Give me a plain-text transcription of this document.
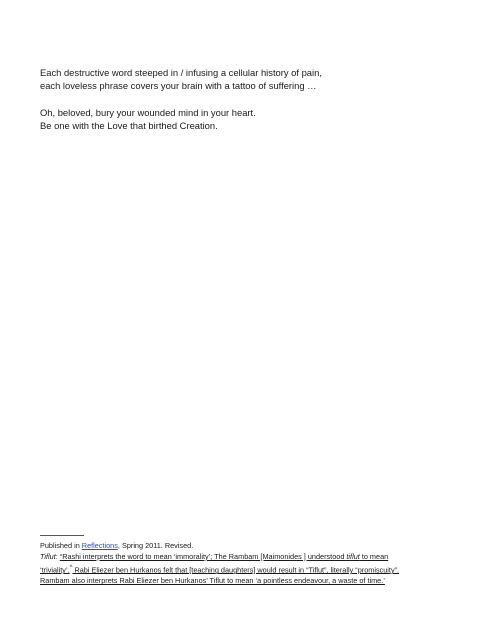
Each destructive word steeped in / infusing a cellular history of pain,
each loveless phrase covers your brain with a tattoo of suffering …
Oh, beloved, bury your wounded mind in your heart.
Be one with the Love that birthed Creation.
Published in Reflections, Spring 2011. Revised.
Tiflut: “Rashi interprets the word to mean ‘immorality’; The Rambam [Maimonides ] understood tiflut to mean
‘triviality’.^ Rabi Eliezer ben Hurkanos felt that [teaching daughters] would result in “Tiflut”, literally “promiscuity”.
Rambam also interprets Rabi Eliezer ben Hurkanos’ Tiflut to mean ‘a pointless endeavour, a waste of time.’
